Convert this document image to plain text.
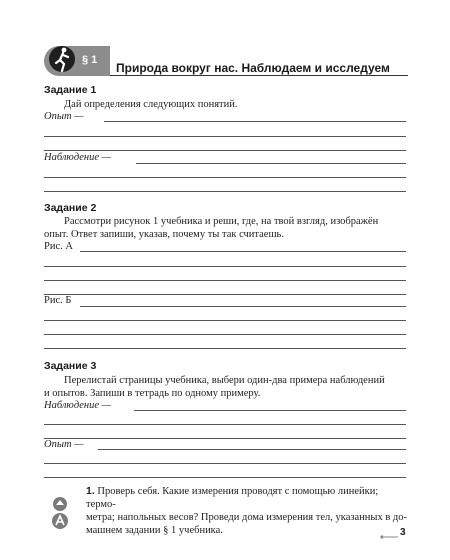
§ 1
Природа вокруг нас. Наблюдаем и исследуем
Задание 1
Дай определения следующих понятий.
Опыт —
Наблюдение —
Задание 2
Рассмотри рисунок 1 учебника и реши, где, на твой взгляд, изображён
опыт. Ответ запиши, указав, почему ты так считаешь.
Рис. А
Рис. Б
Задание 3
Перелистай страницы учебника, выбери один-два примера наблюдений
и опытов. Запиши в тетрадь по одному примеру.
Наблюдение —
Опыт —
1. Проверь себя. Какие измерения проводят с помощью линейки; термо-
метра; напольных весов? Проведи дома измерения тел, указанных в до-
машнем задании § 1 учебника.	3
